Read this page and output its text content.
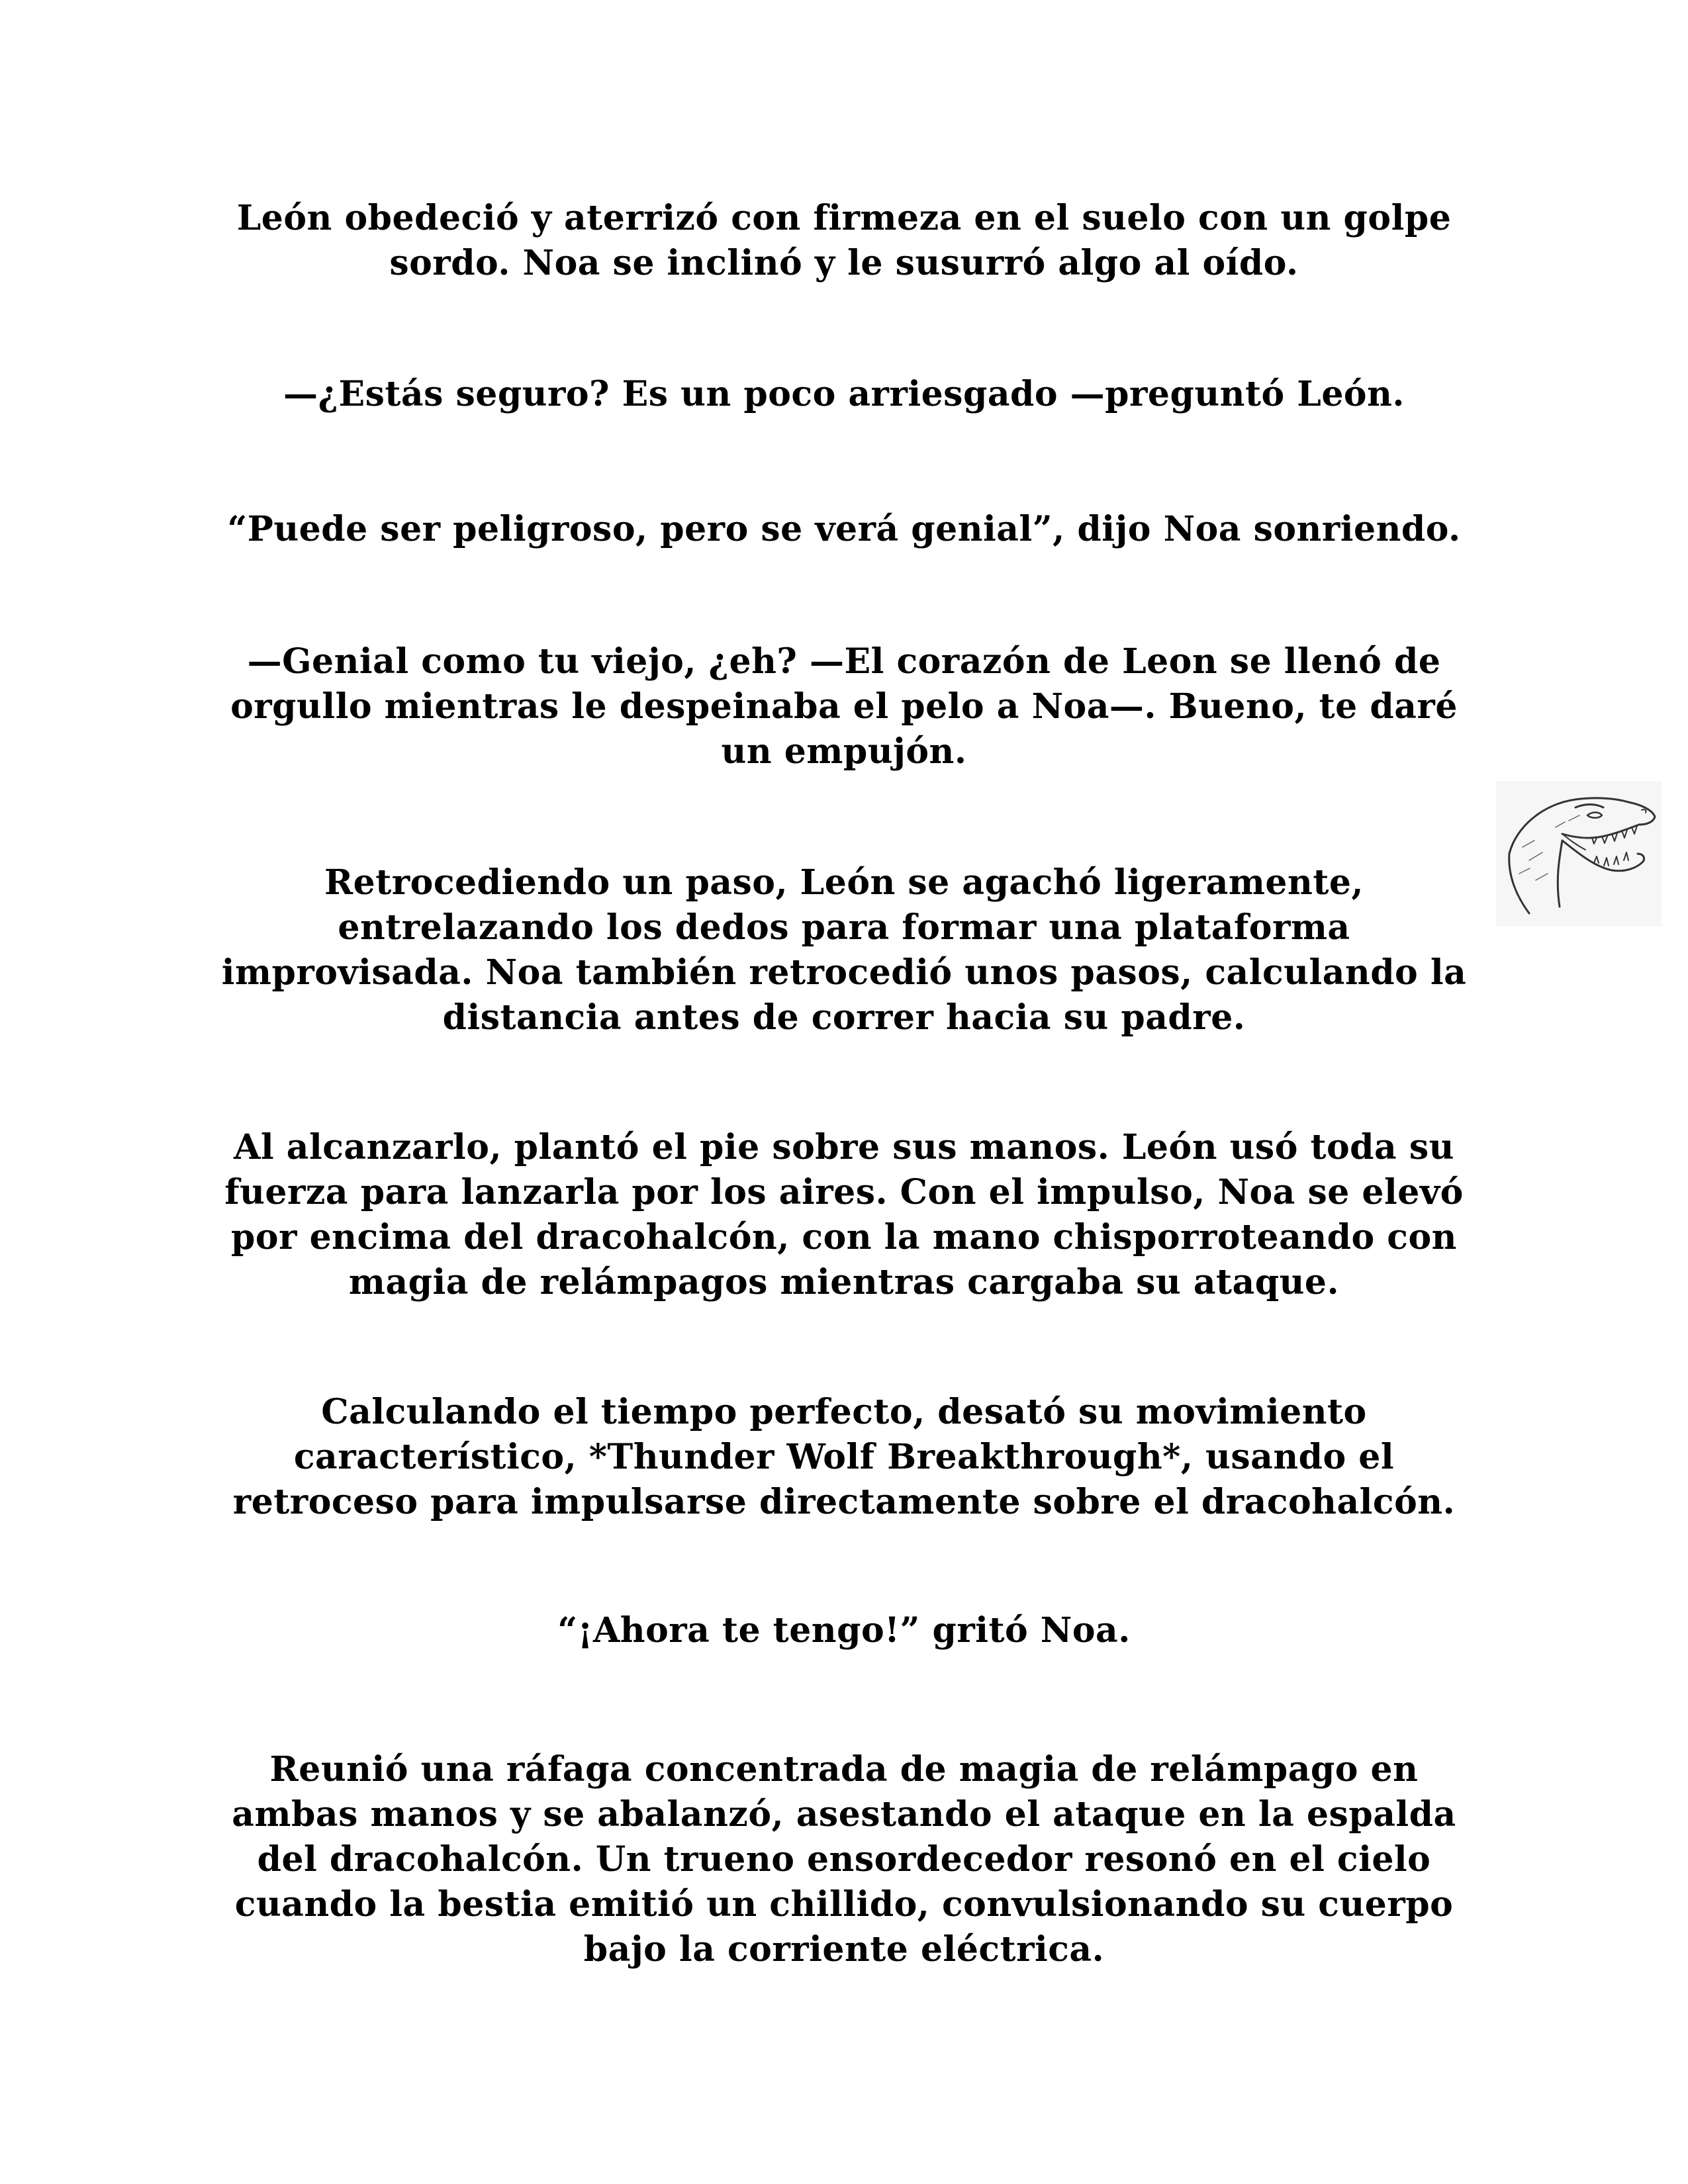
León obedeció y aterrizó con firmeza en el suelo con un golpe sordo. Noa se inclinó y le susurró algo al oído.

—¿Estás seguro? Es un poco arriesgado —preguntó León.

“Puede ser peligroso, pero se verá genial”, dijo Noa sonriendo.

—Genial como tu viejo, ¿eh? —El corazón de Leon se llenó de orgullo mientras le despeinaba el pelo a Noa—. Bueno, te daré un empujón.

Retrocediendo un paso, León se agachó ligeramente, entrelazando los dedos para formar una plataforma improvisada. Noa también retrocedió unos pasos, calculando la distancia antes de correr hacia su padre.

Al alcanzarlo, plantó el pie sobre sus manos. León usó toda su fuerza para lanzarla por los aires. Con el impulso, Noa se elevó por encima del dracohalcón, con la mano chisporroteando con magia de relámpagos mientras cargaba su ataque.

Calculando el tiempo perfecto, desató su movimiento característico, *Thunder Wolf Breakthrough*, usando el retroceso para impulsarse directamente sobre el dracohalcón.

“¡Ahora te tengo!” gritó Noa.

Reunió una ráfaga concentrada de magia de relámpago en ambas manos y se abalanzó, asestando el ataque en la espalda del dracohalcón. Un trueno ensordecedor resonó en el cielo cuando la bestia emitió un chillido, convulsionando su cuerpo bajo la corriente eléctrica.
